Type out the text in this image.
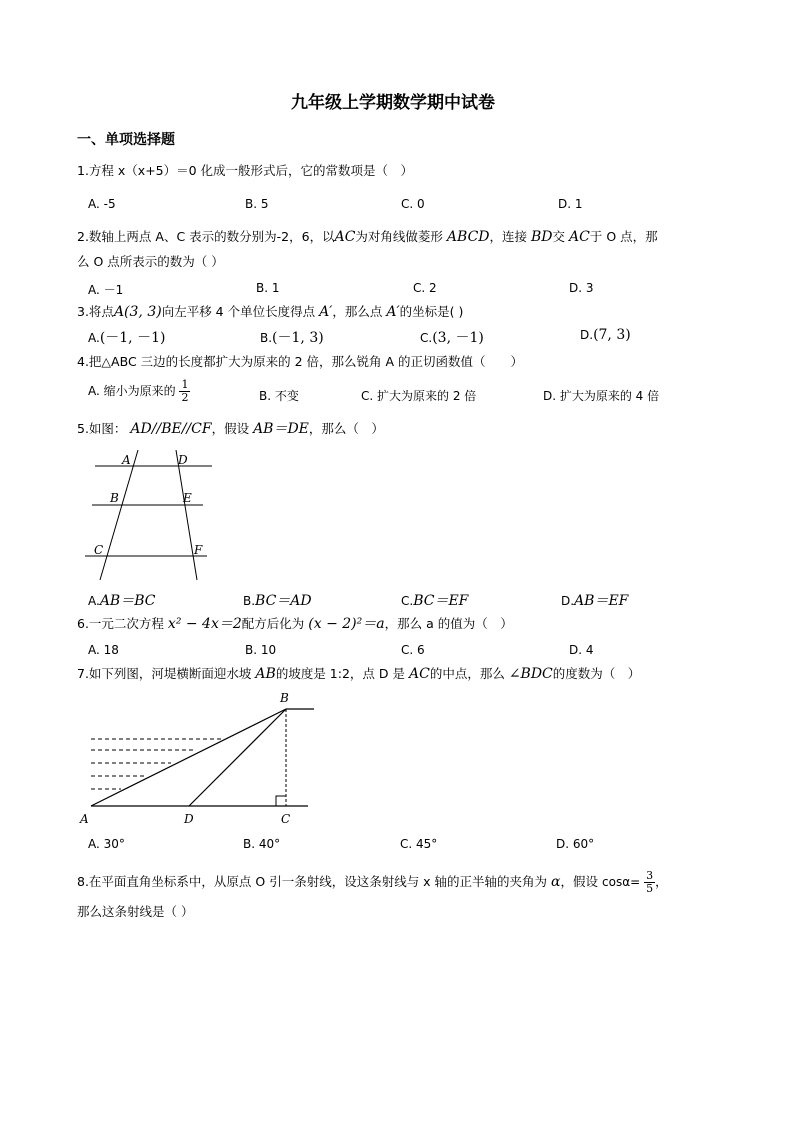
九年级上学期数学期中试卷
一、单项选择题
1.方程 x（x+5）＝0 化成一般形式后，它的常数项是（　）
A. -5	B. 5	C. 0	D. 1
2.数轴上两点 A、C 表示的数分别为-2，6，以AC为对角线做菱形 ABCD，连接 BD交 AC于 O 点，那
么 O 点所表示的数为（ ）
A. －1	B. 1	C. 2	D. 3
3.将点A(3, 3)向左平移 4 个单位长度得点 A′，那么点 A′的坐标是( )
A.(－1, －1)	B.(－1, 3)	C.(3, －1)	D.(7, 3)
4.把△ABC 三边的长度都扩大为原来的 2 倍，那么锐角 A 的正切函数值（　　）
A. 缩小为原来的 $\frac{1}{2}$	B. 不变	C. 扩大为原来的 2 倍	D. 扩大为原来的 4 倍
5.如图： AD//BE//CF，假设 AB＝DE，那么（　）
A	D
B	E
C	F
A.AB＝BC	B.BC＝AD	C.BC＝EF	D.AB＝EF
6.一元二次方程 x² − 4x＝2配方后化为 (x − 2)²＝a，那么 a 的值为（　）
A. 18	B. 10	C. 6	D. 4
7.如下列图，河堤横断面迎水坡 AB的坡度是 1:2，点 D 是 AC的中点，那么 ∠BDC的度数为（　）
B
A	D	C
A. 30°	B. 40°	C. 45°	D. 60°
8.在平面直角坐标系中，从原点 O 引一条射线，设这条射线与 x 轴的正半轴的夹角为 α，假设 $\cos\alpha= \frac{3}{5}$ ，
那么这条射线是（ ）
